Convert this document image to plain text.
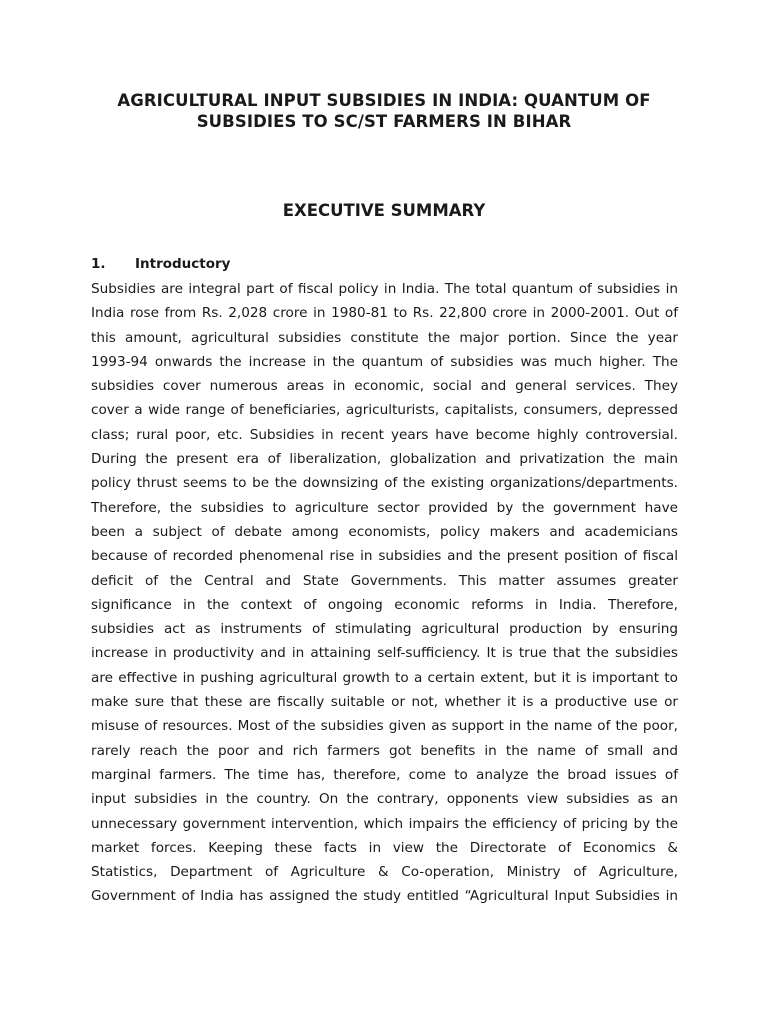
AGRICULTURAL INPUT SUBSIDIES IN INDIA: QUANTUM OF
SUBSIDIES TO SC/ST FARMERS IN BIHAR
EXECUTIVE SUMMARY
1. Introductory
Subsidies are integral part of fiscal policy in India. The total quantum of subsidies in
India rose from Rs. 2,028 crore in 1980-81 to Rs. 22,800 crore in 2000-2001. Out of
this amount, agricultural subsidies constitute the major portion. Since the year
1993-94 onwards the increase in the quantum of subsidies was much higher. The
subsidies cover numerous areas in economic, social and general services. They
cover a wide range of beneficiaries, agriculturists, capitalists, consumers, depressed
class; rural poor, etc. Subsidies in recent years have become highly controversial.
During the present era of liberalization, globalization and privatization the main
policy thrust seems to be the downsizing of the existing organizations/departments.
Therefore, the subsidies to agriculture sector provided by the government have
been a subject of debate among economists, policy makers and academicians
because of recorded phenomenal rise in subsidies and the present position of fiscal
deficit of the Central and State Governments. This matter assumes greater
significance in the context of ongoing economic reforms in India. Therefore,
subsidies act as instruments of stimulating agricultural production by ensuring
increase in productivity and in attaining self-sufficiency. It is true that the subsidies
are effective in pushing agricultural growth to a certain extent, but it is important to
make sure that these are fiscally suitable or not, whether it is a productive use or
misuse of resources. Most of the subsidies given as support in the name of the poor,
rarely reach the poor and rich farmers got benefits in the name of small and
marginal farmers. The time has, therefore, come to analyze the broad issues of
input subsidies in the country. On the contrary, opponents view subsidies as an
unnecessary government intervention, which impairs the efficiency of pricing by the
market forces. Keeping these facts in view the Directorate of Economics &
Statistics, Department of Agriculture & Co-operation, Ministry of Agriculture,
Government of India has assigned the study entitled “Agricultural Input Subsidies in
